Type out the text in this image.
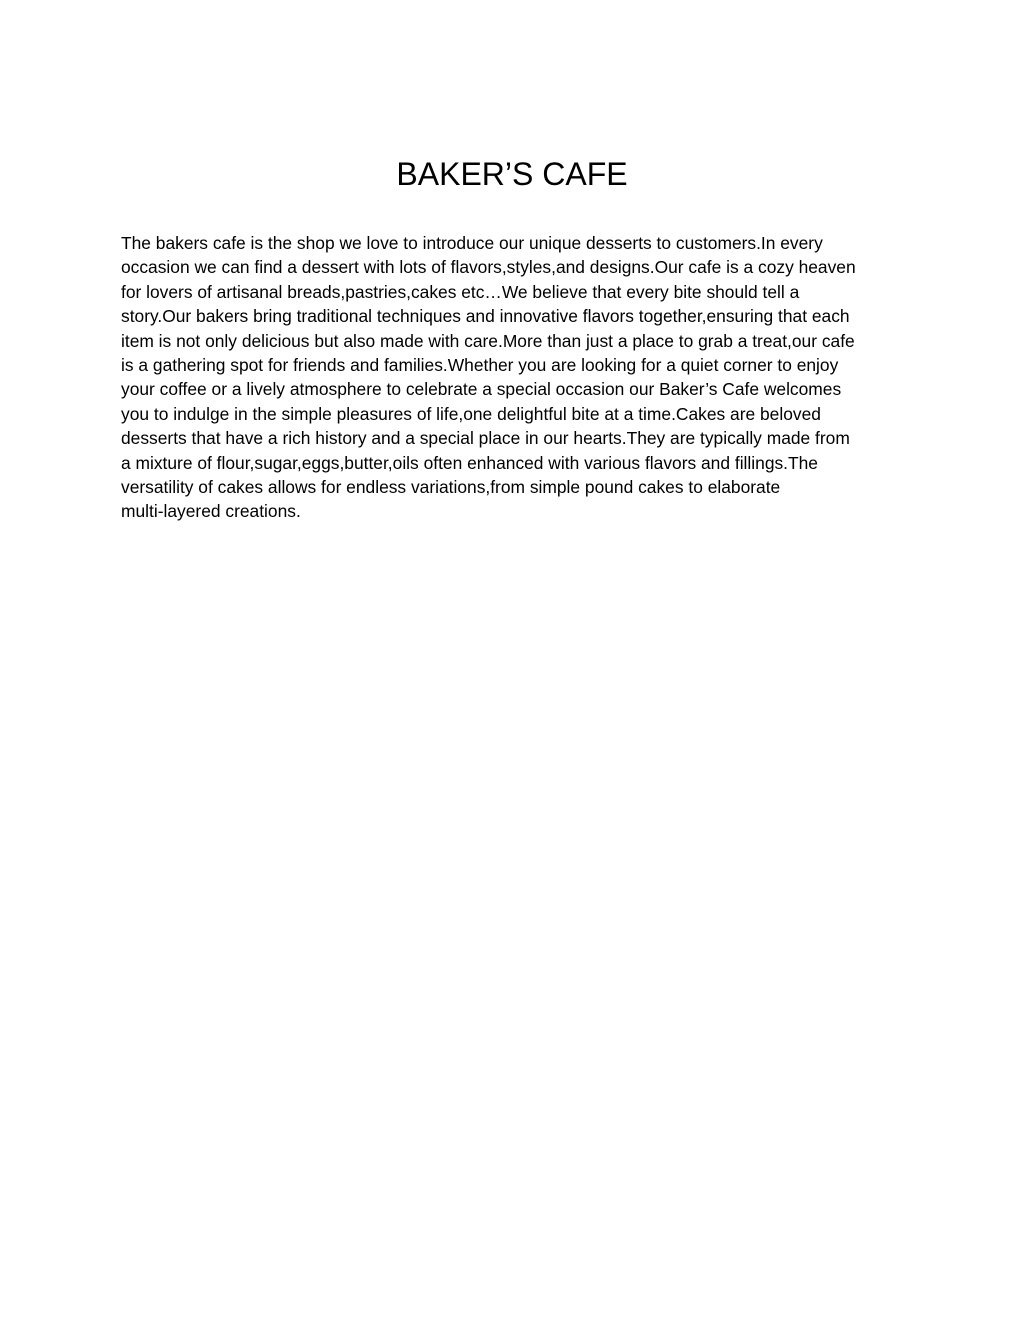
BAKER’S CAFE

The bakers cafe is the shop we love to introduce our unique desserts to customers.In every
occasion we can find a dessert with lots of flavors,styles,and designs.Our cafe is a cozy heaven
for lovers of artisanal breads,pastries,cakes etc…We believe that every bite should tell a
story.Our bakers bring traditional techniques and innovative flavors together,ensuring that each
item is not only delicious but also made with care.More than just a place to grab a treat,our cafe
is a gathering spot for friends and families.Whether you are looking for a quiet corner to enjoy
your coffee or a lively atmosphere to celebrate a special occasion our Baker’s Cafe welcomes
you to indulge in the simple pleasures of life,one delightful bite at a time.Cakes are beloved
desserts that have a rich history and a special place in our hearts.They are typically made from
a mixture of flour,sugar,eggs,butter,oils often enhanced with various flavors and fillings.The
versatility of cakes allows for endless variations,from simple pound cakes to elaborate
multi-layered creations.
